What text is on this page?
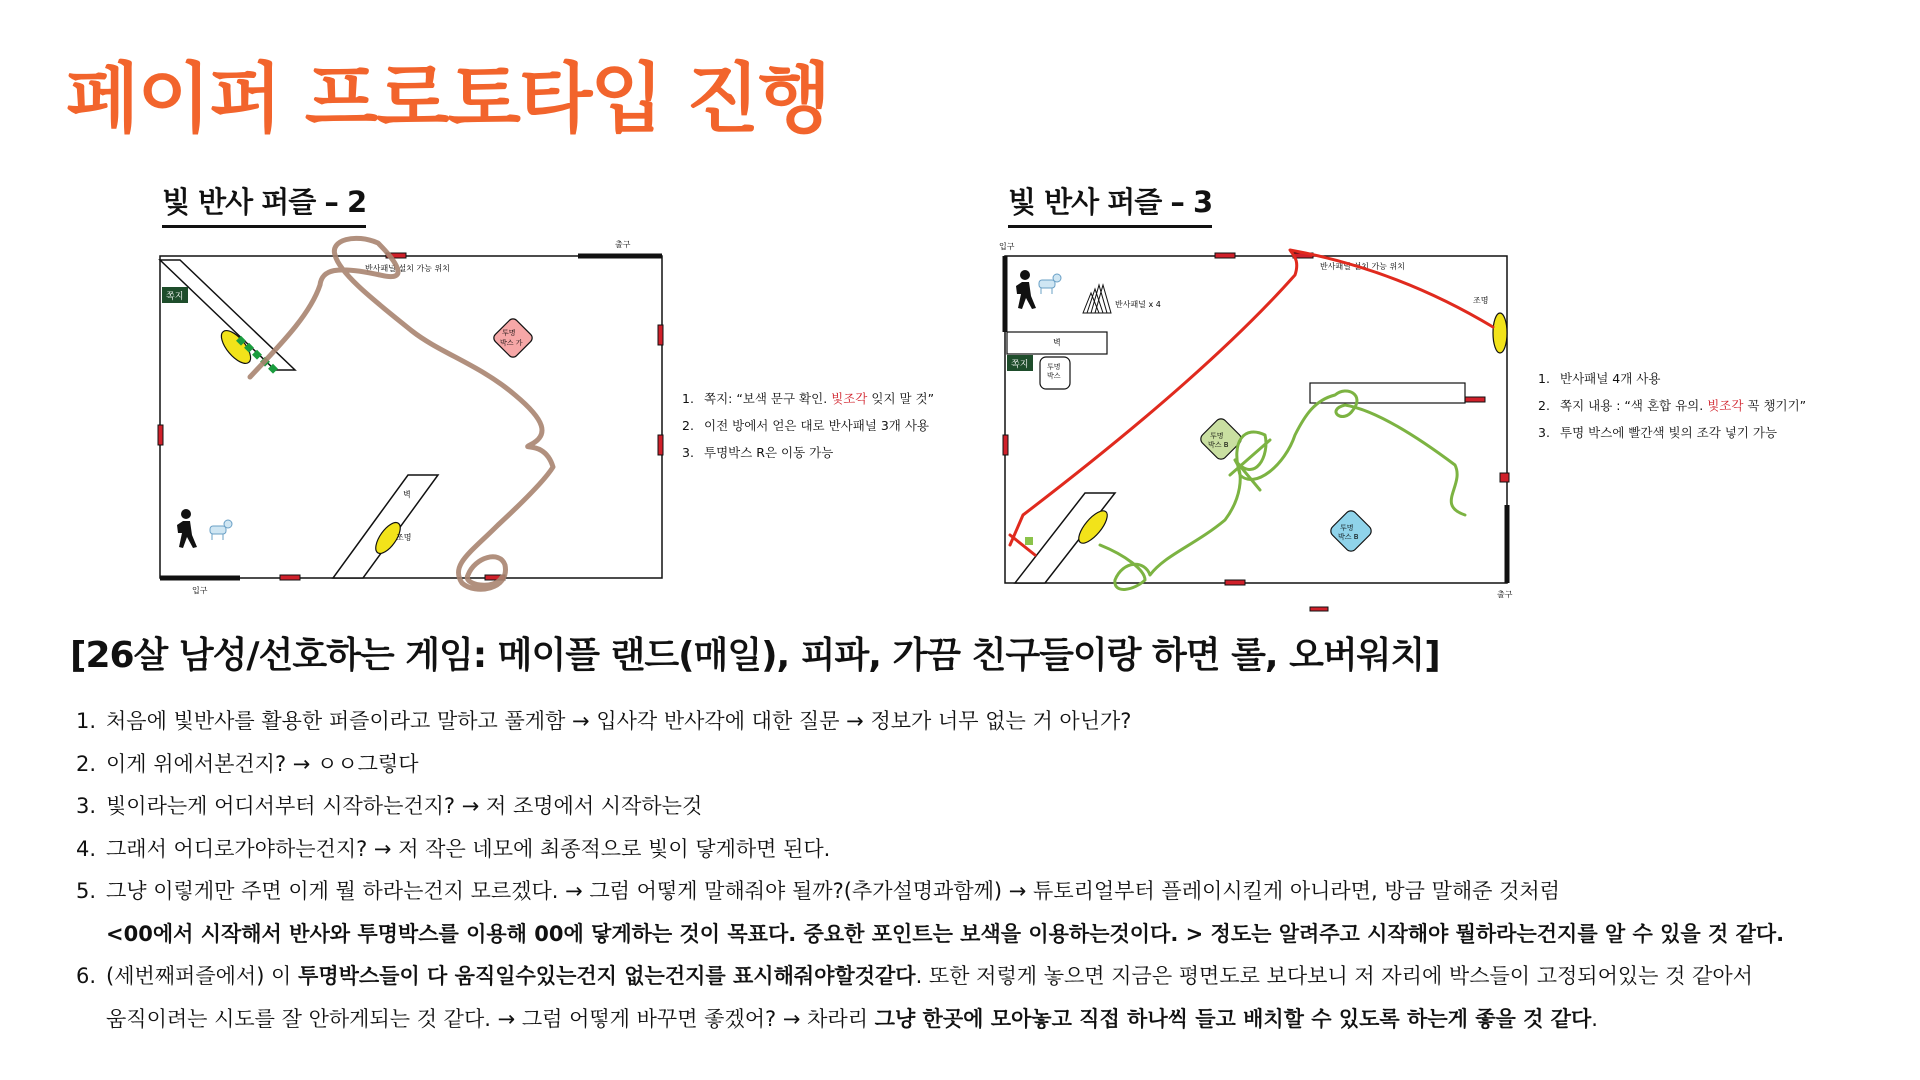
페이퍼 프로토타입 진행
빛 반사 퍼즐 – 2
출구
입구
반사패널 설치 가능 위치
쪽지
투명
박스 가
벽
조명
1. 쪽지: “보색 문구 확인. 빛조각 잊지 말 것”
2. 이전 방에서 얻은 대로 반사패널 3개 사용
3. 투명박스 R은 이동 가능
빛 반사 퍼즐 – 3
입구
출구
반사패널 설치 가능 위치
반사패널 x 4
벽
쪽지	투명
박스
조명
투명
박스 B
투명
박스 B
1. 반사패널 4개 사용
2. 쪽지 내용 : “색 혼합 유의. 빛조각 꼭 챙기기”
3. 투명 박스에 빨간색 빛의 조각 넣기 가능
[26살 남성/선호하는 게임: 메이플 랜드(매일), 피파, 가끔 친구들이랑 하면 롤, 오버워치]
1. 처음에 빛반사를 활용한 퍼즐이라고 말하고 풀게함 → 입사각 반사각에 대한 질문 → 정보가 너무 없는 거 아닌가?
2. 이게 위에서본건지? → ㅇㅇ그렇다
3. 빛이라는게 어디서부터 시작하는건지? → 저 조명에서 시작하는것
4. 그래서 어디로가야하는건지? → 저 작은 네모에 최종적으로 빛이 닿게하면 된다.
5. 그냥 이렇게만 주면 이게 뭘 하라는건지 모르겠다. → 그럼 어떻게 말해줘야 될까?(추가설명과함께) → 튜토리얼부터 플레이시킬게 아니라면, 방금 말해준 것처럼
<00에서 시작해서 반사와 투명박스를 이용해 00에 닿게하는 것이 목표다. 중요한 포인트는 보색을 이용하는것이다. > 정도는 알려주고 시작해야 뭘하라는건지를 알 수 있을 것 같다.
6. (세번째퍼즐에서) 이 투명박스들이 다 움직일수있는건지 없는건지를 표시해줘야할것같다. 또한 저렇게 놓으면 지금은 평면도로 보다보니 저 자리에 박스들이 고정되어있는 것 같아서
움직이려는 시도를 잘 안하게되는 것 같다. → 그럼 어떻게 바꾸면 좋겠어? → 차라리 그냥 한곳에 모아놓고 직접 하나씩 들고 배치할 수 있도록 하는게 좋을 것 같다.
